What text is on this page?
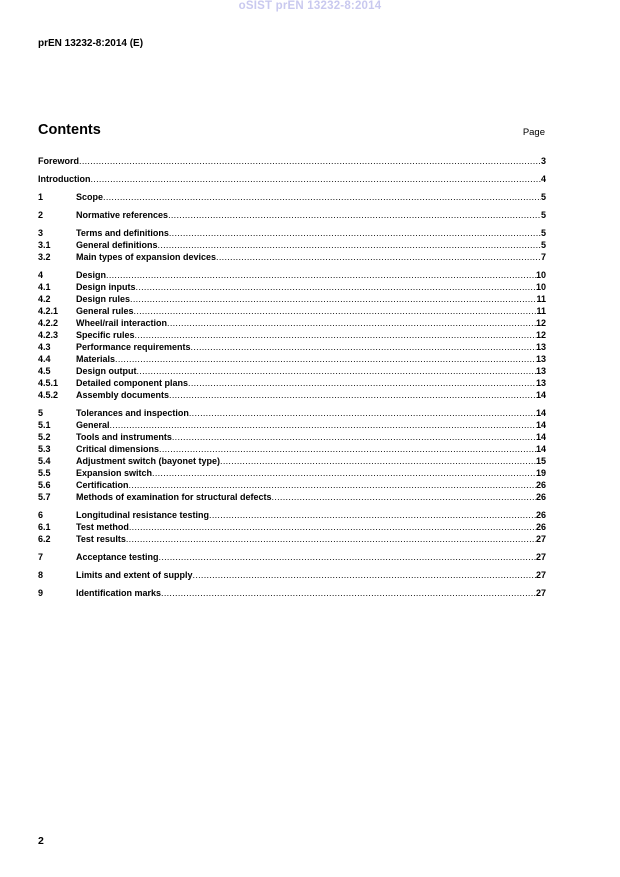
oSIST prEN 13232-8:2014
prEN 13232-8:2014 (E)
Contents	Page
Foreword .....	3
Introduction .....	4
1	Scope .....	5
2	Normative references .....	5
3	Terms and definitions .....	5
3.1	General definitions .....	5
3.2	Main types of expansion devices .....	7
4	Design .....	10
4.1	Design inputs .....	10
4.2	Design rules .....	11
4.2.1	General rules .....	11
4.2.2	Wheel/rail interaction .....	12
4.2.3	Specific rules .....	12
4.3	Performance requirements .....	13
4.4	Materials .....	13
4.5	Design output .....	13
4.5.1	Detailed component plans .....	13
4.5.2	Assembly documents .....	14
5	Tolerances and inspection .....	14
5.1	General .....	14
5.2	Tools and instruments .....	14
5.3	Critical dimensions .....	14
5.4	Adjustment switch (bayonet type) .....	15
5.5	Expansion switch .....	19
5.6	Certification .....	26
5.7	Methods of examination for structural defects .....	26
6	Longitudinal resistance testing .....	26
6.1	Test method .....	26
6.2	Test results .....	27
7	Acceptance testing .....	27
8	Limits and extent of supply .....	27
9	Identification marks .....	27
2
